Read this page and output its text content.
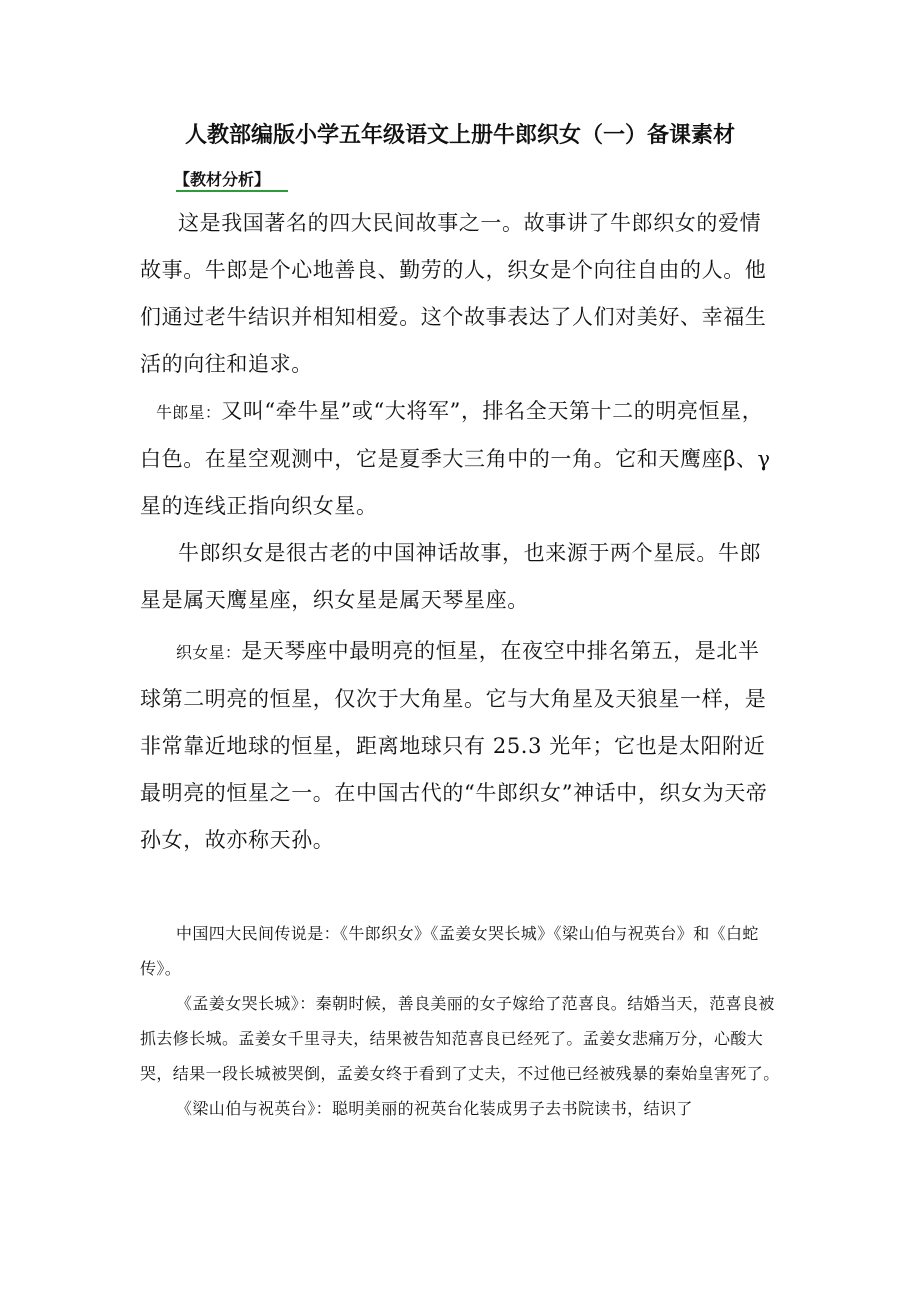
人教部编版小学五年级语文上册牛郎织女（一）备课素材
【教材分析】

这是我国著名的四大民间故事之一。故事讲了牛郎织女的爱情故事。牛郎是个心地善良、勤劳的人，织女是个向往自由的人。他们通过老牛结识并相知相爱。这个故事表达了人们对美好、幸福生活的向往和追求。

牛郎星：又叫“牵牛星”或“大将军”，排名全天第十二的明亮恒星，白色。在星空观测中，它是夏季大三角中的一角。它和天鹰座β、γ 星的连线正指向织女星。

牛郎织女是很古老的中国神话故事，也来源于两个星辰。牛郎星是属天鹰星座，织女星是属天琴星座。

织女星：是天琴座中最明亮的恒星，在夜空中排名第五，是北半球第二明亮的恒星，仅次于大角星。它与大角星及天狼星一样，是非常靠近地球的恒星，距离地球只有 25.3 光年；它也是太阳附近最明亮的恒星之一。在中国古代的“牛郎织女”神话中，织女为天帝孙女，故亦称天孙。

中国四大民间传说是：《牛郎织女》《孟姜女哭长城》《梁山伯与祝英台》和《白蛇传》。

《孟姜女哭长城》：秦朝时候，善良美丽的女子嫁给了范喜良。结婚当天，范喜良被抓去修长城。孟姜女千里寻夫，结果被告知范喜良已经死了。孟姜女悲痛万分，心酸大哭，结果一段长城被哭倒，孟姜女终于看到了丈夫，不过他已经被残暴的秦始皇害死了。

《梁山伯与祝英台》：聪明美丽的祝英台化装成男子去书院读书，结识了
